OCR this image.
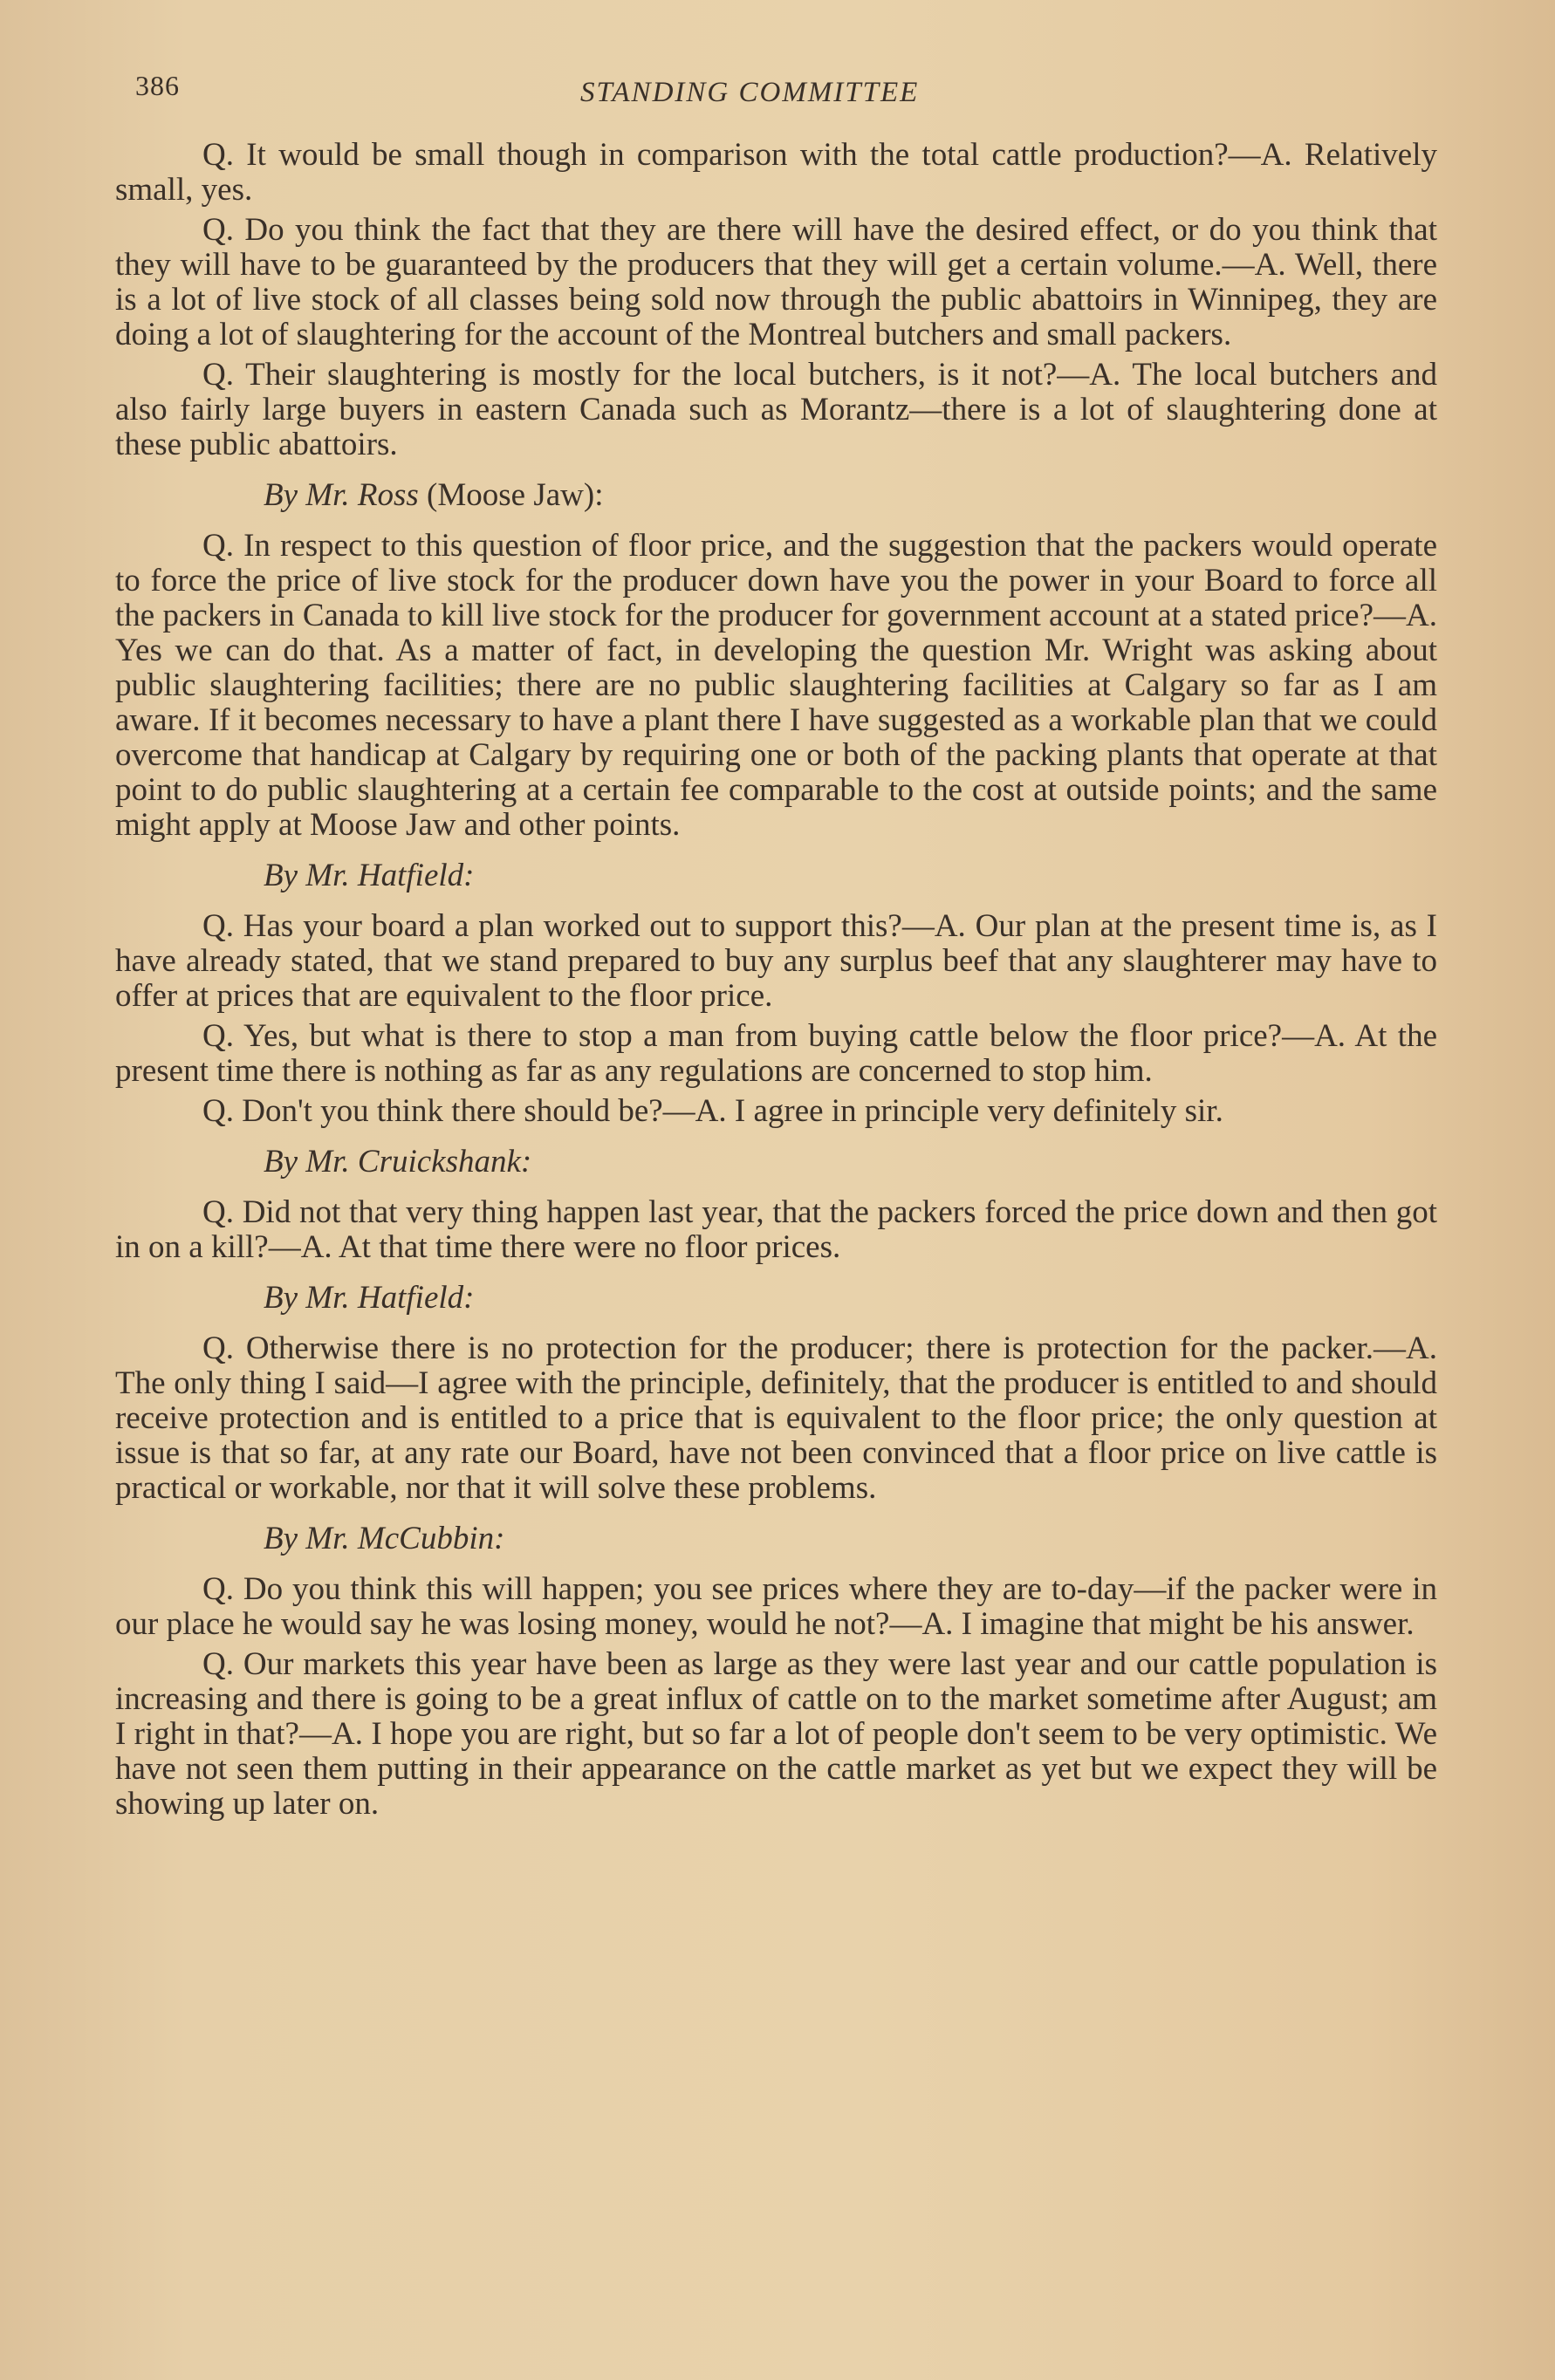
386	STANDING COMMITTEE

Q. It would be small though in comparison with the total cattle production?—A. Relatively small, yes.

Q. Do you think the fact that they are there will have the desired effect, or do you think that they will have to be guaranteed by the producers that they will get a certain volume.—A. Well, there is a lot of live stock of all classes being sold now through the public abattoirs in Winnipeg, they are doing a lot of slaughtering for the account of the Montreal butchers and small packers.

Q. Their slaughtering is mostly for the local butchers, is it not?—A. The local butchers and also fairly large buyers in eastern Canada such as Morantz—there is a lot of slaughtering done at these public abattoirs.

By Mr. Ross (Moose Jaw):

Q. In respect to this question of floor price, and the suggestion that the packers would operate to force the price of live stock for the producer down have you the power in your Board to force all the packers in Canada to kill live stock for the producer for government account at a stated price?—A. Yes we can do that. As a matter of fact, in developing the question Mr. Wright was asking about public slaughtering facilities; there are no public slaughtering facilities at Calgary so far as I am aware. If it becomes necessary to have a plant there I have suggested as a workable plan that we could overcome that handicap at Calgary by requiring one or both of the packing plants that operate at that point to do public slaughtering at a certain fee comparable to the cost at outside points; and the same might apply at Moose Jaw and other points.

By Mr. Hatfield:

Q. Has your board a plan worked out to support this?—A. Our plan at the present time is, as I have already stated, that we stand prepared to buy any surplus beef that any slaughterer may have to offer at prices that are equivalent to the floor price.

Q. Yes, but what is there to stop a man from buying cattle below the floor price?—A. At the present time there is nothing as far as any regulations are concerned to stop him.

Q. Don't you think there should be?—A. I agree in principle very definitely sir.

By Mr. Cruickshank:

Q. Did not that very thing happen last year, that the packers forced the price down and then got in on a kill?—A. At that time there were no floor prices.

By Mr. Hatfield:

Q. Otherwise there is no protection for the producer; there is protection for the packer.—A. The only thing I said—I agree with the principle, definitely, that the producer is entitled to and should receive protection and is entitled to a price that is equivalent to the floor price; the only question at issue is that so far, at any rate our Board, have not been convinced that a floor price on live cattle is practical or workable, nor that it will solve these problems.

By Mr. McCubbin:

Q. Do you think this will happen; you see prices where they are to-day—if the packer were in our place he would say he was losing money, would he not?—A. I imagine that might be his answer.

Q. Our markets this year have been as large as they were last year and our cattle population is increasing and there is going to be a great influx of cattle on to the market sometime after August; am I right in that?—A. I hope you are right, but so far a lot of people don't seem to be very optimistic. We have not seen them putting in their appearance on the cattle market as yet but we expect they will be showing up later on.
